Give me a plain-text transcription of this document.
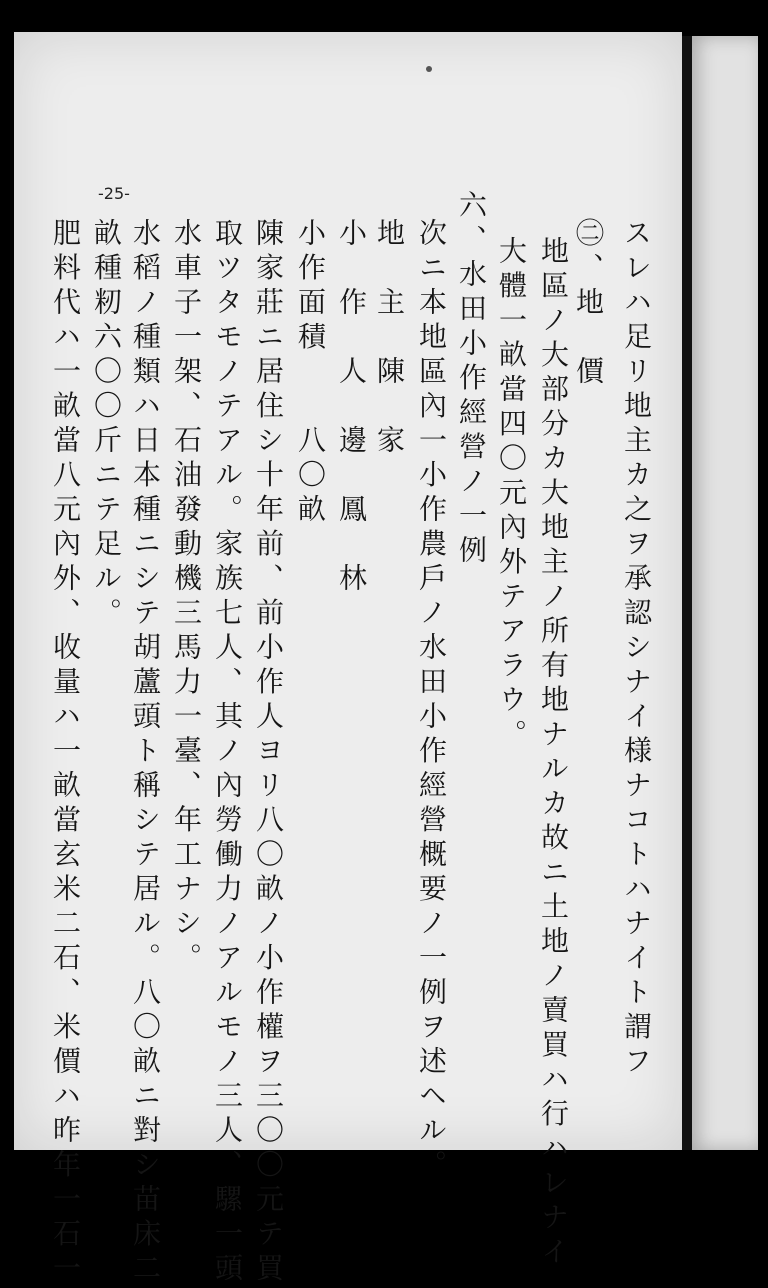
スレハ足リ地主カ之ヲ承認シナイ様ナコトハナイト謂フ
㊁、地　價
地區ノ大部分カ大地主ノ所有地ナルカ故ニ土地ノ賣買ハ行ハレナイ
大體一畝當四〇元內外テアラウ。
六、水田小作經營ノ一例
次ニ本地區內一小作農戶ノ水田小作經營概要ノ一例ヲ述ヘル。
地　主　陳　家
小　作　人　邊　鳳　林
小作面積　　八〇畝
陳家莊ニ居住シ十年前、前小作人ヨリ八〇畝ノ小作權ヲ三〇〇元テ買
取ツタモノテアル。家族七人、其ノ內勞働力ノアルモノ三人、騾一頭
水車子一架、石油發動機三馬力一臺、年工ナシ。
水稻ノ種類ハ日本種ニシテ胡蘆頭ト稱シテ居ル。八〇畝ニ對シ苗床二
畝種籾六〇〇斤ニテ足ル。
肥料代ハ一畝當八元內外、收量ハ一畝當玄米二石、米價ハ昨年一石一
-25-
